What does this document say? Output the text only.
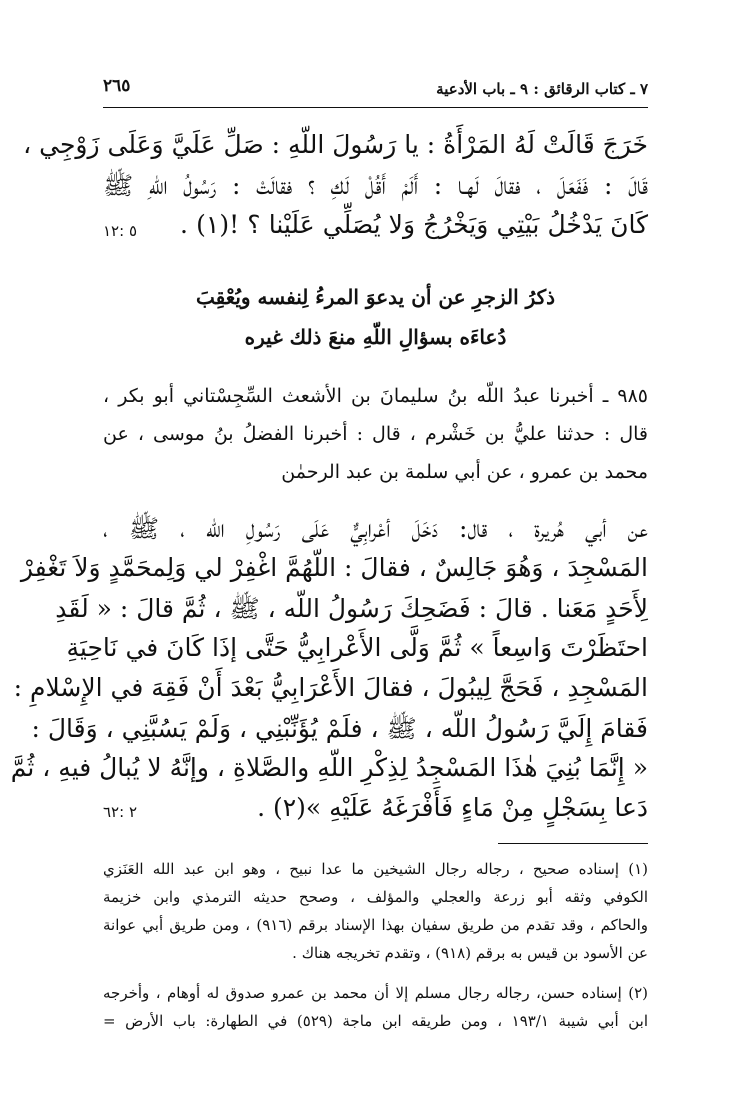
٧ ـ كتاب الرقائق : ٩ ـ باب الأدعية
٢٦٥
خَرَجَ قَالَتْ لَهُ المَرْأَةُ : يا رَسُولَ اللّهِ : صَلِّ عَلَيَّ وَعَلَى زَوْجِي ،
قَالَ : فَفَعَلَ ، فقالَ لَهـا : أَلَمْ أَقُلْ لَكِ ؟ فقالَتْ : رَسُولُ اللّهِ ﷺ
كَانَ يَدْخُلُ بَيْتِي وَيَخْرُجُ وَلا يُصَلِّي عَلَيْنا ؟ !(١) .
٥ :١٢
ذكرُ الزجرِ عن أن يدعوَ المرءُ لِنفسه ويُعْقِبَ
دُعاءَه بسؤالِ اللّهِ منعَ ذلك غيره
٩٨٥ ـ أخبرنا عبدُ اللّه بنُ سليمانَ بن الأشعث السِّجِسْتاني أبو بكر ،
قال : حدثنا عليُّ بن خَشْرم ، قال : أخبرنا الفضلُ بنُ موسى ، عن
محمد بن عمرو ، عن أبي سلمة بن عبد الرحمٰن
عن أبي هُريرة ، قال: دَخَلَ أعْرابِيٌّ عَلَى رَسُولِ اللّه ، ﷺ ،
المَسْجِدَ ، وَهُوَ جَالِسٌ ، فقالَ : اللّهُمَّ اغْفِرْ لي وَلِمحَمَّدٍ وَلاَ تَغْفِرْ
لِأَحَدٍ مَعَنا . قالَ : فَضَحِكَ رَسُولُ اللّه ، ﷺ ، ثُمَّ قالَ : « لَقَدِ
احتَظَرْتَ وَاسِعاً » ثُمَّ وَلَّى الأَعْرابِيُّ حَتَّى إذَا كَانَ في نَاحِيَةِ
المَسْجِدِ ، فَحَجَّ لِيبُولَ ، فقالَ الأَعْرَابِيُّ بَعْدَ أَنْ فَقِهَ في الإِسْلامِ :
فَقامَ إِلَيَّ رَسُولُ اللّه ، ﷺ ، فلَمْ يُؤَنِّبْنِي ، وَلَمْ يَسُبَّنِي ، وَقَالَ :
« إِنَّمَا بُنِيَ هٰذَا المَسْجِدُ لِذِكْرِ اللّهِ والصَّلاةِ ، وإنَّهُ لا يُبالُ فيهِ ، ثُمَّ
دَعا بِسَجْلٍ مِنْ مَاءٍ فَأَفْرَغَهُ عَلَيْهِ »(٢) .
٢ :٦٢
(١) إسناده صحيح ، رجاله رجال الشيخين ما عدا نبيح ، وهو ابن عبد الله العَنَزي
الكوفي وثقه أبو زرعة والعجلي والمؤلف ، وصحح حديثه الترمذي وابن خزيمة
والحاكم ، وقد تقدم من طريق سفيان بهذا الإسناد برقم (٩١٦) ، ومن طريق أبي عوانة
عن الأسود بن قيس به برقم (٩١٨) ، وتقدم تخريجه هناك .
(٢) إسناده حسن، رجاله رجال مسلم إلا أن محمد بن عمرو صدوق له أوهام ، وأخرجه
ابن أبي شيبة ١٩٣/١ ، ومن طريقه ابن ماجة (٥٢٩) في الطهارة: باب الأرض =
